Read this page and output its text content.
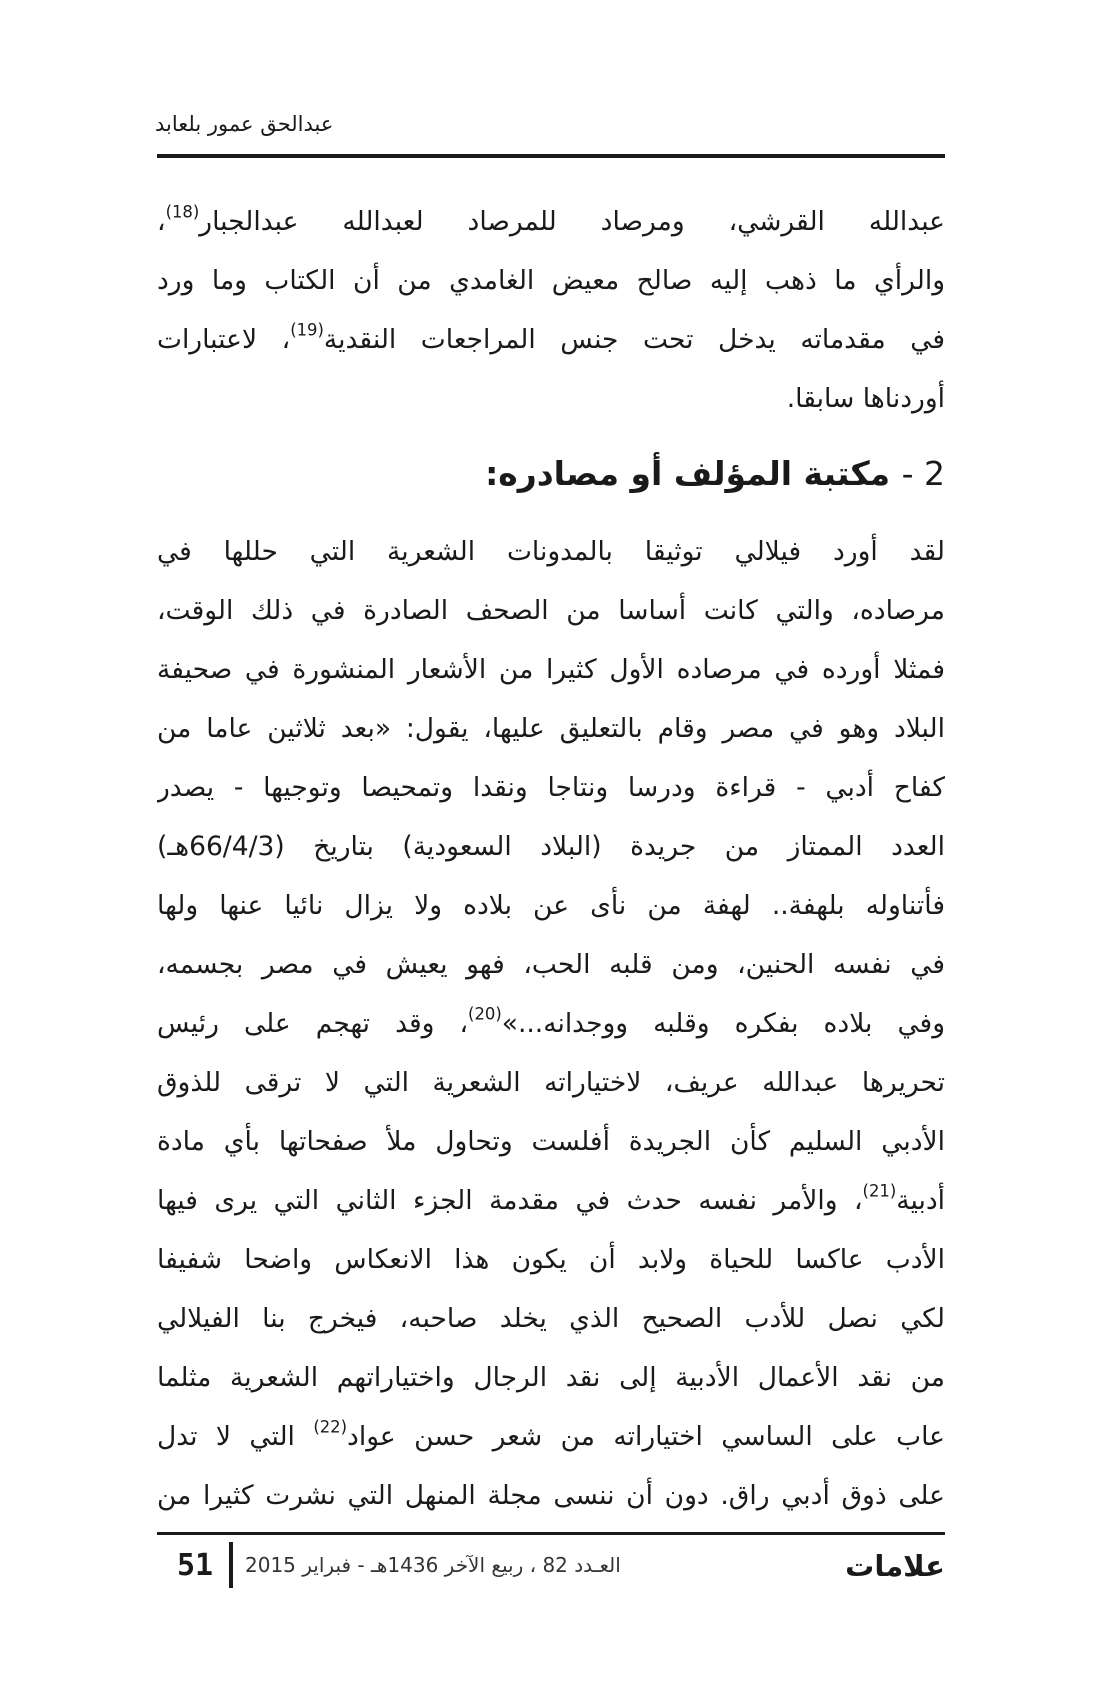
عبدالحق عمور بلعابد
عبدالله القرشي، ومرصاد للمرصاد لعبدالله عبدالجبار$^{(18)}$،
والرأي ما ذهب إليه صالح معيض الغامدي من أن الكتاب وما ورد
في مقدماته يدخل تحت جنس المراجعات النقدية$^{(19)}$، لاعتبارات
أوردناها سابقا.
2 - مكتبة المؤلف أو مصادره:
لقد أورد فيلالي توثيقا بالمدونات الشعرية التي حللها في
مرصاده، والتي كانت أساسا من الصحف الصادرة في ذلك الوقت،
فمثلا أورده في مرصاده الأول كثيرا من الأشعار المنشورة في صحيفة
البلاد وهو في مصر وقام بالتعليق عليها، يقول: «بعد ثلاثين عاما من
كفاح أدبي - قراءة ودرسا ونتاجا ونقدا وتمحيصا وتوجيها - يصدر
العدد الممتاز من جريدة (البلاد السعودية) بتاريخ (66/4/3هـ)
فأتناوله بلهفة.. لهفة من نأى عن بلاده ولا يزال نائيا عنها ولها
في نفسه الحنين، ومن قلبه الحب، فهو يعيش في مصر بجسمه،
وفي بلاده بفكره وقلبه ووجدانه...»$^{(20)}$، وقد تهجم على رئيس
تحريرها عبدالله عريف، لاختياراته الشعرية التي لا ترقى للذوق
الأدبي السليم كأن الجريدة أفلست وتحاول ملأ صفحاتها بأي مادة
أدبية$^{(21)}$، والأمر نفسه حدث في مقدمة الجزء الثاني التي يرى فيها
الأدب عاكسا للحياة ولابد أن يكون هذا الانعكاس واضحا شفيفا
لكي نصل للأدب الصحيح الذي يخلد صاحبه، فيخرج بنا الفيلالي
من نقد الأعمال الأدبية إلى نقد الرجال واختياراتهم الشعرية مثلما
عاب على الساسي اختياراته من شعر حسن عواد$^{(22)}$ التي لا تدل
على ذوق أدبي راق. دون أن ننسى مجلة المنهل التي نشرت كثيرا من
51 العـدد 82 ، ربيع الآخر 1436هـ - فبراير 2015	علامات
